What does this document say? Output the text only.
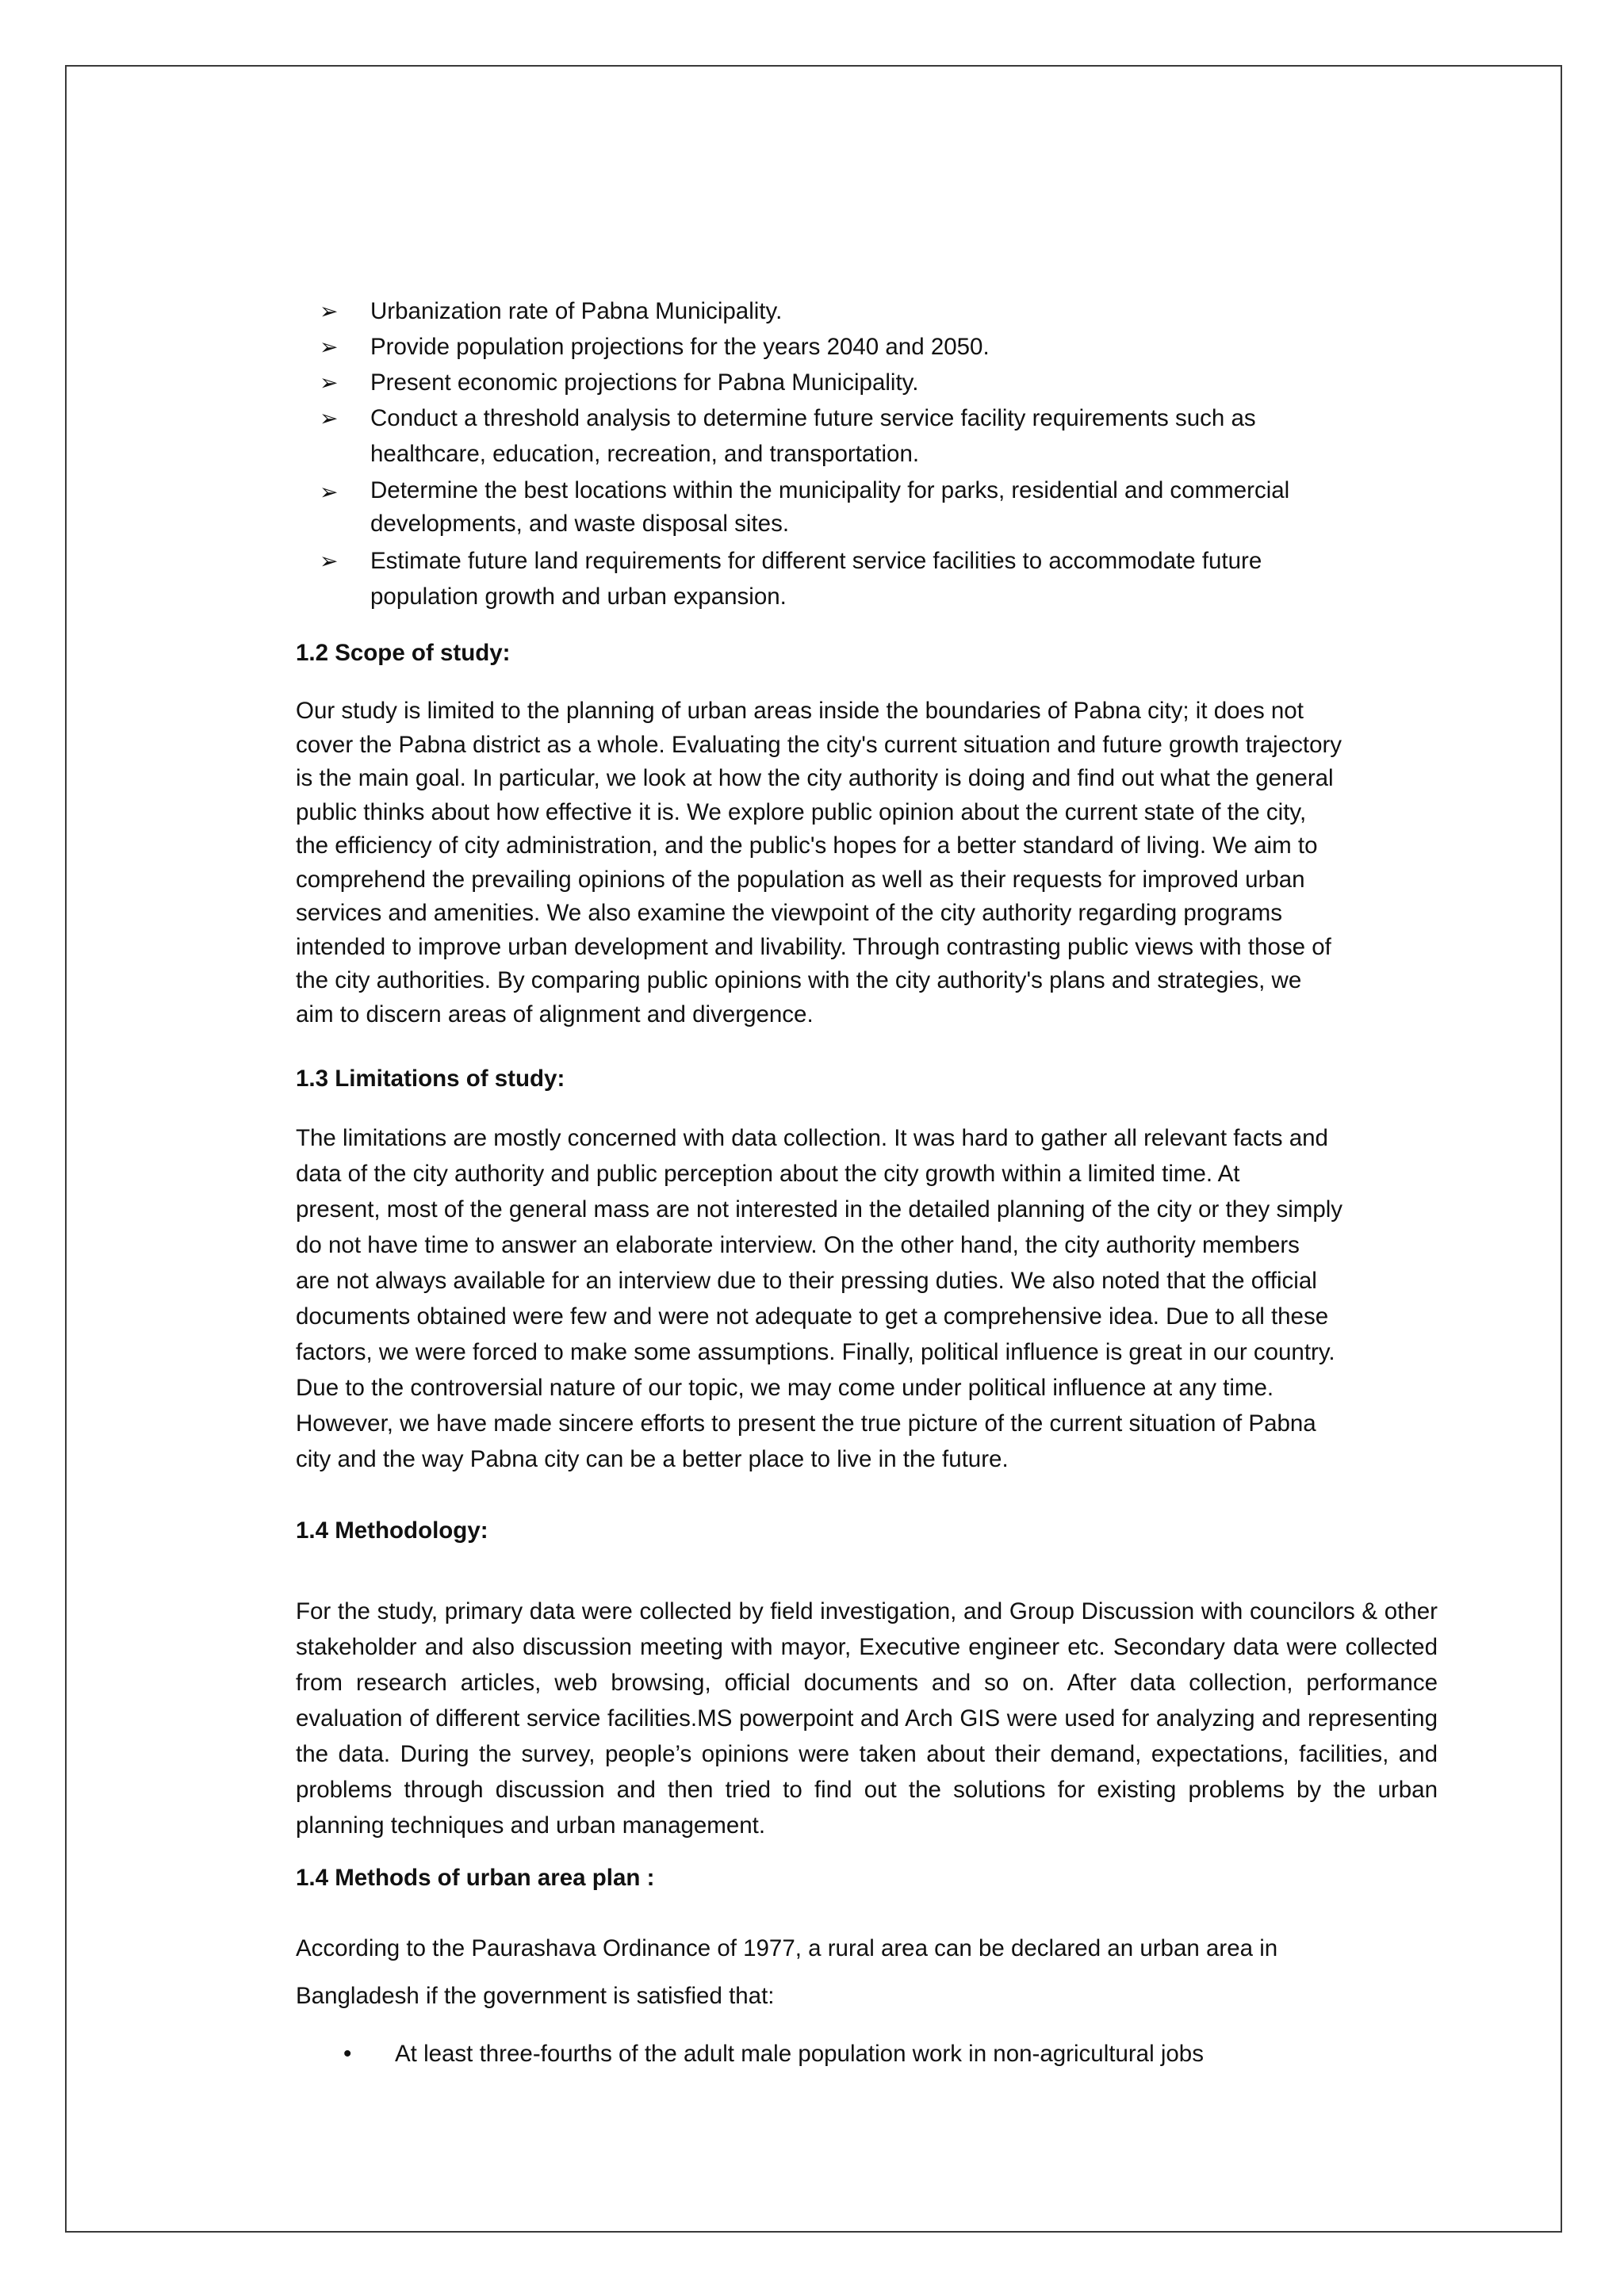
➢ Urbanization rate of Pabna Municipality.
➢ Provide population projections for the years 2040 and 2050.
➢ Present economic projections for Pabna Municipality.
➢ Conduct a threshold analysis to determine future service facility requirements such as
healthcare, education, recreation, and transportation.
➢ Determine the best locations within the municipality for parks, residential and commercial
developments, and waste disposal sites.
➢ Estimate future land requirements for different service facilities to accommodate future
population growth and urban expansion.

1.2 Scope of study:

Our study is limited to the planning of urban areas inside the boundaries of Pabna city; it does not
cover the Pabna district as a whole. Evaluating the city's current situation and future growth trajectory
is the main goal. In particular, we look at how the city authority is doing and find out what the general
public thinks about how effective it is. We explore public opinion about the current state of the city,
the efficiency of city administration, and the public's hopes for a better standard of living. We aim to
comprehend the prevailing opinions of the population as well as their requests for improved urban
services and amenities. We also examine the viewpoint of the city authority regarding programs
intended to improve urban development and livability. Through contrasting public views with those of
the city authorities. By comparing public opinions with the city authority's plans and strategies, we
aim to discern areas of alignment and divergence.

1.3 Limitations of study:

The limitations are mostly concerned with data collection. It was hard to gather all relevant facts and
data of the city authority and public perception about the city growth within a limited time. At
present, most of the general mass are not interested in the detailed planning of the city or they simply
do not have time to answer an elaborate interview. On the other hand, the city authority members
are not always available for an interview due to their pressing duties. We also noted that the official
documents obtained were few and were not adequate to get a comprehensive idea. Due to all these
factors, we were forced to make some assumptions. Finally, political influence is great in our country.
Due to the controversial nature of our topic, we may come under political influence at any time.
However, we have made sincere efforts to present the true picture of the current situation of Pabna
city and the way Pabna city can be a better place to live in the future.

1.4 Methodology:

For the study, primary data were collected by field investigation, and Group Discussion with councilors & other stakeholder and also discussion meeting with mayor, Executive engineer etc. Secondary data were collected from research articles, web browsing, official documents and so on. After data collection, performance evaluation of different service facilities.MS powerpoint and Arch GIS were used for analyzing and representing the data. During the survey, people’s opinions were taken about their demand, expectations, facilities, and problems through discussion and then tried to find out the solutions for existing problems by the urban planning techniques and urban management.

1.4 Methods of urban area plan :

According to the Paurashava Ordinance of 1977, a rural area can be declared an urban area in
Bangladesh if the government is satisfied that:
• At least three-fourths of the adult male population work in non-agricultural jobs
